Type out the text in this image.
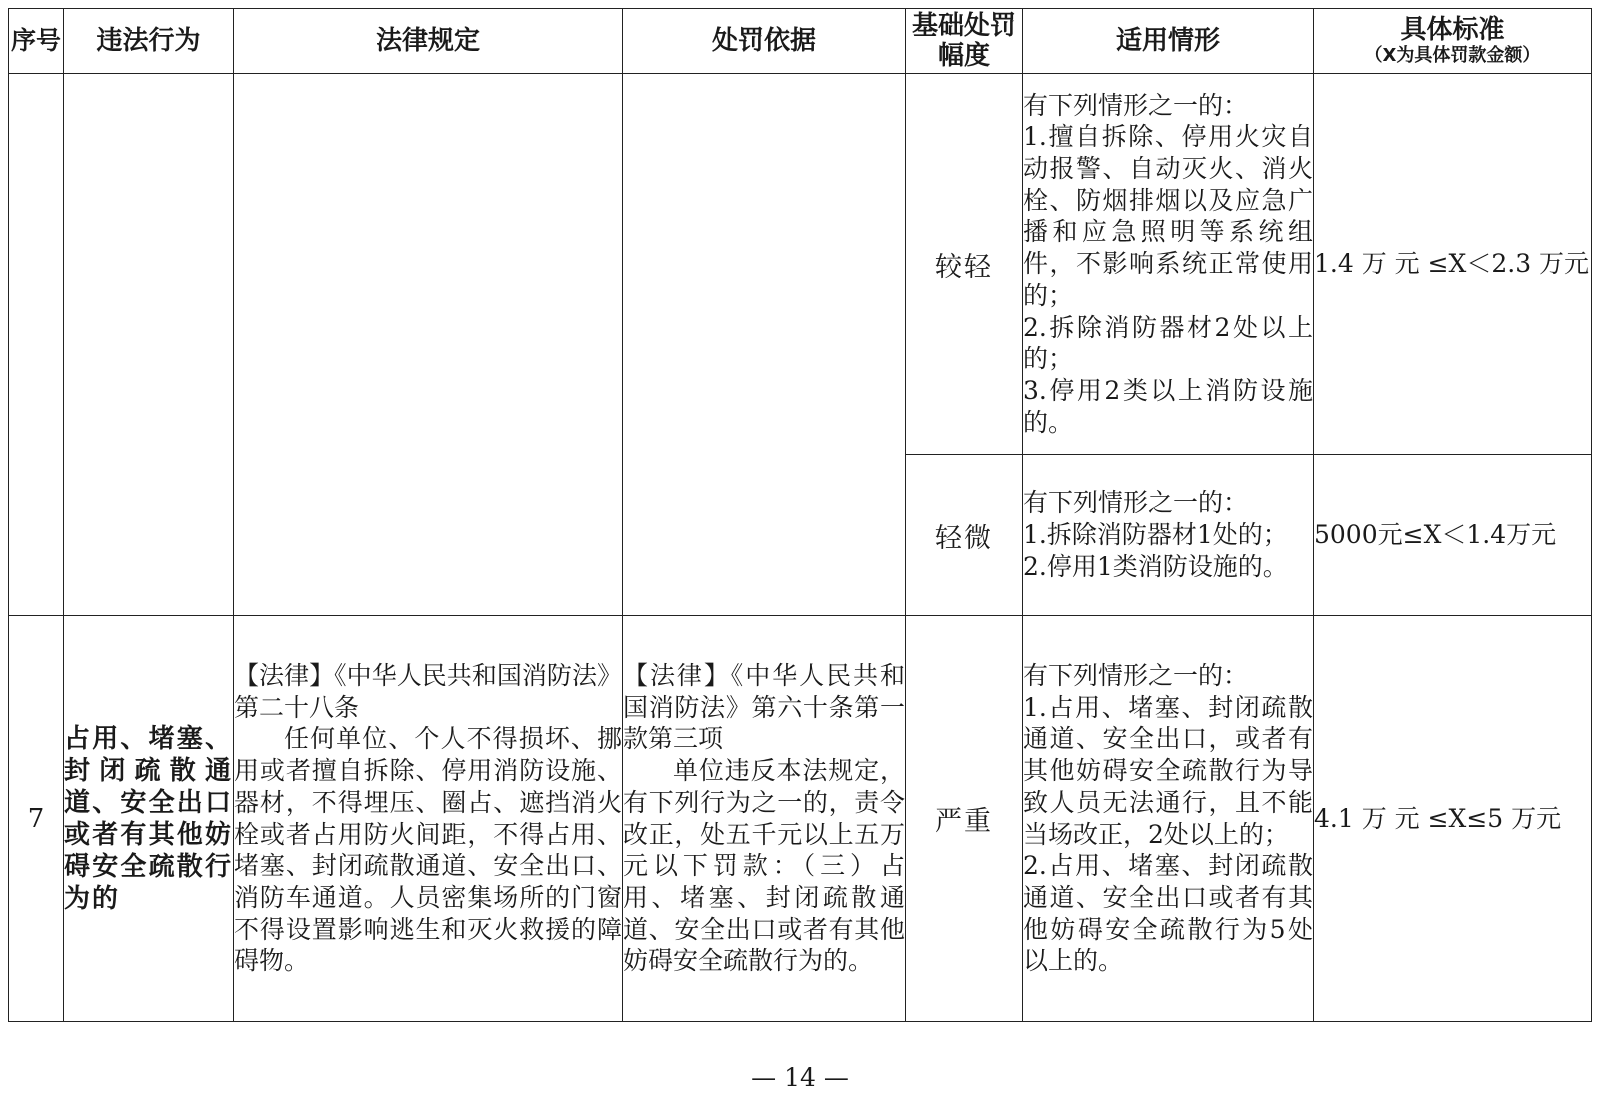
序号	违法行为	法律规定	处罚依据	基础处罚幅度	适用情形	具体标准
（X为具体罚款金额）

				较轻	有下列情形之一的：
1.擅自拆除、停用火灾自动报警、自动灭火、消火栓、防烟排烟以及应急广播和应急照明等系统组件，不影响系统正常使用的；
2.拆除消防器材2处以上的；
3.停用2类以上消防设施的。	1.4 万 元 ≤X＜2.3 万元
				轻微	有下列情形之一的：
1.拆除消防器材1处的；
2.停用1类消防设施的。	5000元≤X＜1.4万元
7	占用、堵塞、封闭疏散通道、安全出口或者有其他妨碍安全疏散行为的	【法律】《中华人民共和国消防法》第二十八条
任何单位、个人不得损坏、挪用或者擅自拆除、停用消防设施、器材，不得埋压、圈占、遮挡消火栓或者占用防火间距，不得占用、堵塞、封闭疏散通道、安全出口、消防车通道。人员密集场所的门窗不得设置影响逃生和灭火救援的障碍物。	【法律】《中华人民共和国消防法》第六十条第一款第三项
单位违反本法规定，有下列行为之一的，责令改正，处五千元以上五万元以下罚款：（三）占用、堵塞、封闭疏散通道、安全出口或者有其他妨碍安全疏散行为的。	严重	有下列情形之一的：
1.占用、堵塞、封闭疏散通道、安全出口，或者有其他妨碍安全疏散行为导致人员无法通行，且不能当场改正，2处以上的；
2.占用、堵塞、封闭疏散通道、安全出口或者有其他妨碍安全疏散行为5处以上的。	4.1 万 元 ≤X≤5 万元
— 14 —
